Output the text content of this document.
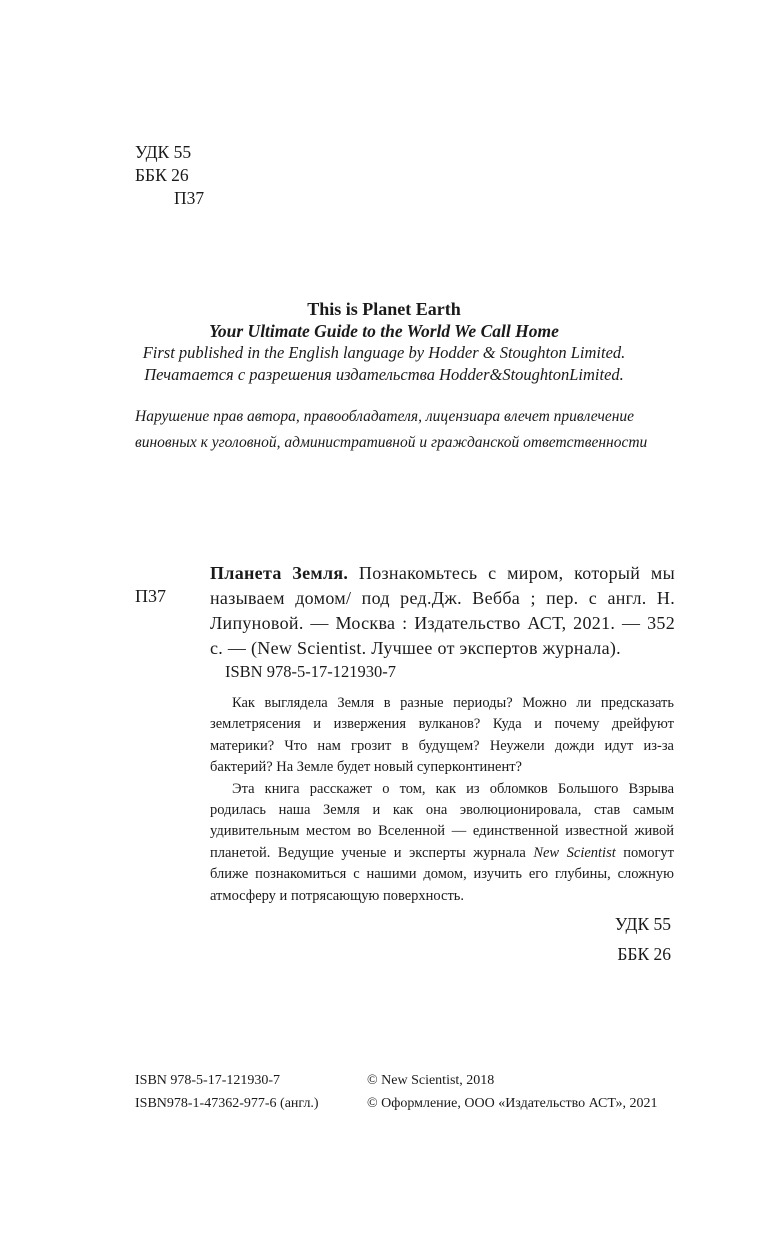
УДК 55
ББК 26
П37
This is Planet Earth
Your Ultimate Guide to the World We Call Home
First published in the English language by Hodder & Stoughton Limited.
Печатается с разрешения издательства Hodder&StoughtonLimited.
Нарушение прав автора, правообладателя, лицензиара влечет привлечение виновных к уголовной, административной и гражданской ответственности
П37
Планета Земля. Познакомьтесь с миром, который мы называем домом/ под ред.Дж. Вебба ; пер. с англ. Н. Липуновой. — Москва : Издательство АСТ, 2021. — 352 с. — (New Scientist. Лучшее от экспертов журнала).
ISBN 978-5-17-121930-7

Как выглядела Земля в разные периоды? Можно ли предсказать землетрясения и извержения вулканов? Куда и почему дрейфуют материки? Что нам грозит в будущем? Неужели дожди идут из-за бактерий? На Земле будет новый суперконтинент?

Эта книга расскажет о том, как из обломков Большого Взрыва родилась наша Земля и как она эволюционировала, став самым удивительным местом во Вселенной — единственной известной живой планетой. Ведущие ученые и эксперты журнала New Scientist помогут ближе познакомиться с нашими домом, изучить его глубины, сложную атмосферу и потрясающую поверхность.

УДК 55
ББК 26
ISBN 978-5-17-121930-7
ISBN978-1-47362-977-6 (англ.)
© New Scientist, 2018
© Оформление, ООО «Издательство АСТ», 2021
